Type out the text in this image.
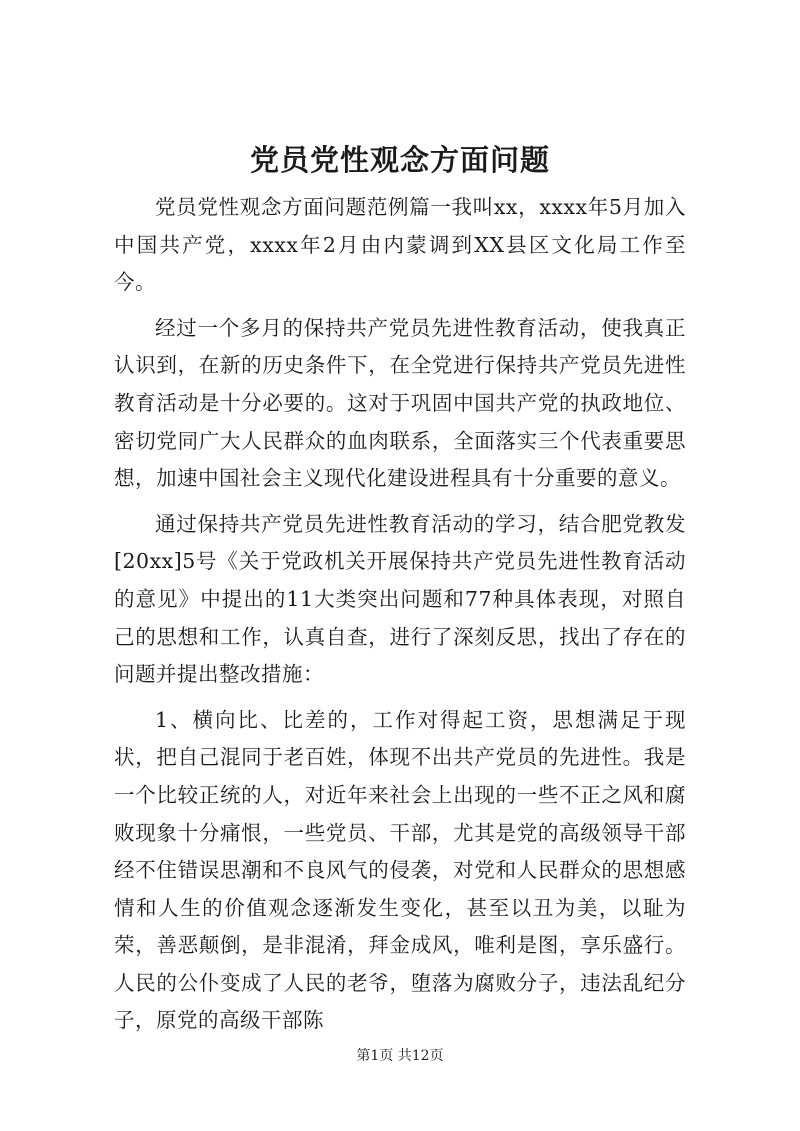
党员党性观念方面问题

党员党性观念方面问题范例篇一我叫xx，xxxx年5月加入中国共产党，xxxx年2月由内蒙调到XX县区文化局工作至今。

经过一个多月的保持共产党员先进性教育活动，使我真正认识到，在新的历史条件下，在全党进行保持共产党员先进性教育活动是十分必要的。这对于巩固中国共产党的执政地位、密切党同广大人民群众的血肉联系，全面落实三个代表重要思想，加速中国社会主义现代化建设进程具有十分重要的意义。

通过保持共产党员先进性教育活动的学习，结合肥党教发[20xx]5号《关于党政机关开展保持共产党员先进性教育活动的意见》中提出的11大类突出问题和77种具体表现，对照自己的思想和工作，认真自查，进行了深刻反思，找出了存在的问题并提出整改措施：

1、横向比、比差的，工作对得起工资，思想满足于现状，把自己混同于老百姓，体现不出共产党员的先进性。我是一个比较正统的人，对近年来社会上出现的一些不正之风和腐败现象十分痛恨，一些党员、干部，尤其是党的高级领导干部经不住错误思潮和不良风气的侵袭，对党和人民群众的思想感情和人生的价值观念逐渐发生变化，甚至以丑为美，以耻为荣，善恶颠倒，是非混淆，拜金成风，唯利是图，享乐盛行。人民的公仆变成了人民的老爷，堕落为腐败分子，违法乱纪分子，原党的高级干部陈

第1页 共12页
